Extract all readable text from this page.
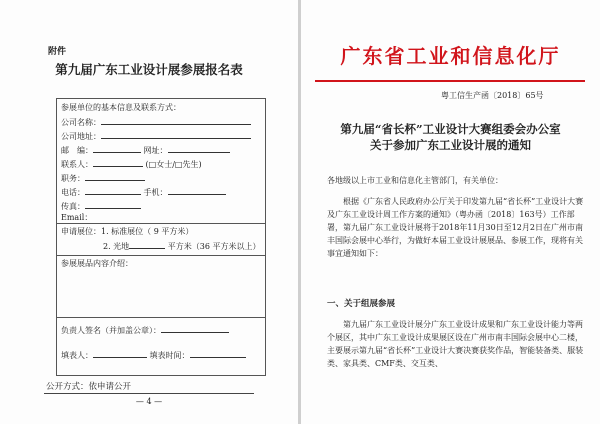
附件
第九届广东工业设计展参展报名表
参展单位的基本信息及联系方式：
公司名称：
公司地址：
邮　编：	网址：
联系人：	(□女士/□先生)
职务：
电话：	手机：
传真：
Email：
申请展位：1. 标准展位（ 9 平方米）
2. 光地	平方米（36 平方米以上）
参展展品内容介绍：
负责人签名（并加盖公章）：
填表人：	填表时间：
公开方式：依申请公开
— 4 —
广东省工业和信息化厅
粤工信生产函〔2018〕65号
第九届“省长杯”工业设计大赛组委会办公室
关于参加广东工业设计展的通知
各地级以上市工业和信息化主管部门，有关单位：
根据《广东省人民政府办公厅关于印发第九届“省长杯”工业设计大赛及广东工业设计周工作方案的通知》（粤办函〔2018〕163号）工作部署，第九届广东工业设计展将于2018年11月30日至12月2日在广州市南丰国际会展中心举行，为做好本届工业设计展展品、参展工作，现将有关事宜通知如下：
一、关于组展参展
第九届广东工业设计展分广东工业设计成果和广东工业设计能力等两个展区，其中广东工业设计成果展区设在广州市南丰国际会展中心二楼，主要展示第九届“省长杯”工业设计大赛决赛获奖作品，智能装备类、服装类、家具类、CMF类、交互类、
